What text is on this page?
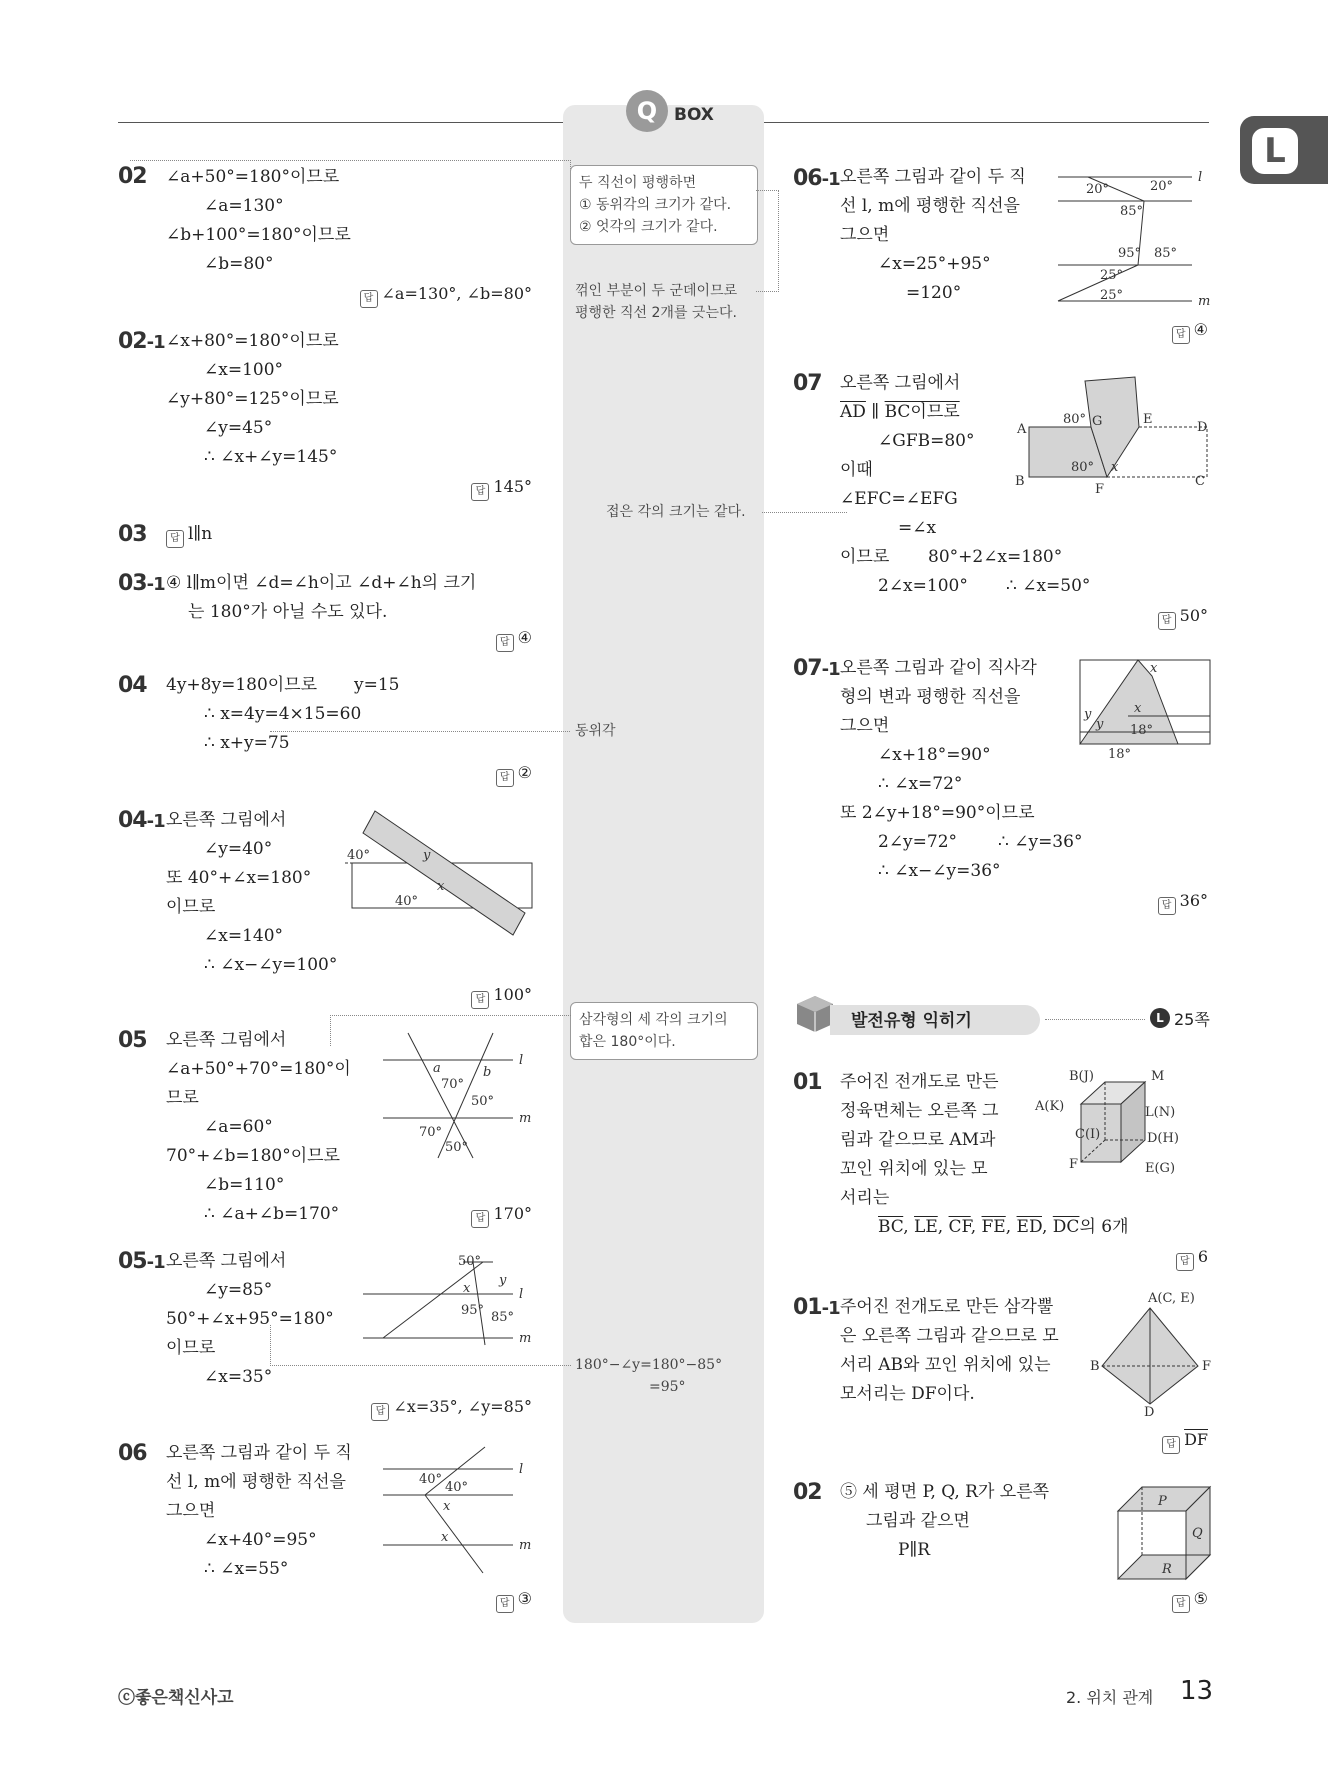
Q BOX
L
02 ∠a+50°=180°이므로
∠a=130°
∠b+100°=180°이므로
∠b=80°
답 ∠a=130°, ∠b=80°
02-1 ∠x+80°=180°이므로
∠x=100°
∠y+80°=125°이므로
∠y=45°
∴ ∠x+∠y=145°
답 145°
03	답 l∥n
03-1 ④ l∥m이면 ∠d=∠h이고 ∠d+∠h의 크기
는 180°가 아닐 수도 있다.
답 ④
04 4y+8y=180이므로 y=15
∴ x=4y=4×15=60
∴ x+y=75
답 ②
04-1 오른쪽 그림에서
∠y=40°
또 40°+∠x=180°
이므로
∠x=140°
∴ ∠x−∠y=100°
답 100°
40°	y
40°
x
05 오른쪽 그림에서
∠a+50°+70°=180°이
므로
∠a=60°
70°+∠b=180°이므로
∠b=110°
∴ ∠a+∠b=170°	답 170°
a	b
70°
50°
70°
50°
l
m
05-1 오른쪽 그림에서
∠y=85°
50°+∠x+95°=180°
이므로
∠x=35°
답 ∠x=35°, ∠y=85°
50°
y
x
95° 85°
l
m
06 오른쪽 그림과 같이 두 직
선 l, m에 평행한 직선을
그으면
∠x+40°=95°
∴ ∠x=55°
답 ③
40°
40°
x
x
l
m
두 직선이 평행하면
① 동위각의 크기가 같다.
② 엇각의 크기가 같다.
꺾인 부분이 두 군데이므로
평행한 직선 2개를 긋는다.
접은 각의 크기는 같다.
동위각
삼각형의 세 각의 크기의
합은 180°이다.
180°−∠y=180°−85°
=95°
06-1 오른쪽 그림과 같이 두 직
선 l, m에 평행한 직선을
그으면
∠x=25°+95°
=120°
답 ④
20°	20°
85°
95° 85°
25°
25°
l
m
07 오른쪽 그림에서
$\overline{AD}$ ∥ BC이므로
∠GFB=80°
이때
∠EFC=∠EFG
=∠x
이므로 80°+2∠x=180°
2∠x=100° ∴ ∠x=50°
답 50°
A
80° G	E
D
B
80° x
F
C
07-1 오른쪽 그림과 같이 직사각
형의 변과 평행한 직선을
그으면
∠x+18°=90°
∴ ∠x=72°
또 2∠y+18°=90°이므로
2∠y=72° ∴ ∠y=36°
∴ ∠x−∠y=36°
답 36°
x
x
y
y 18°
18°
발전유형 익히기	L 25쪽
01 주어진 전개도로 만든
정육면체는 오른쪽 그
림과 같으므로 AM과
꼬인 위치에 있는 모
서리는
$\overline{BC}$, $\overline{LE}$, $\overline{CF}$, $\overline{FE}$, $\overline{ED}$, $\overline{DC}$의 6개
답 6
B(J)	M
A(K)	L(N)
C(I)	D(H)
F	E(G)
01-1 주어진 전개도로 만든 삼각뿔
은 오른쪽 그림과 같으므로 모
서리 AB와 꼬인 위치에 있는
모서리는 DF이다.
답 $\overline{DF}$
A(C, E)
B	F
D
02 ⑤ 세 평면 P, Q, R가 오른쪽
그림과 같으면
P∥R
답 ⑤
P
Q
R
ⓒ좋은책신사고	2. 위치 관계 13
